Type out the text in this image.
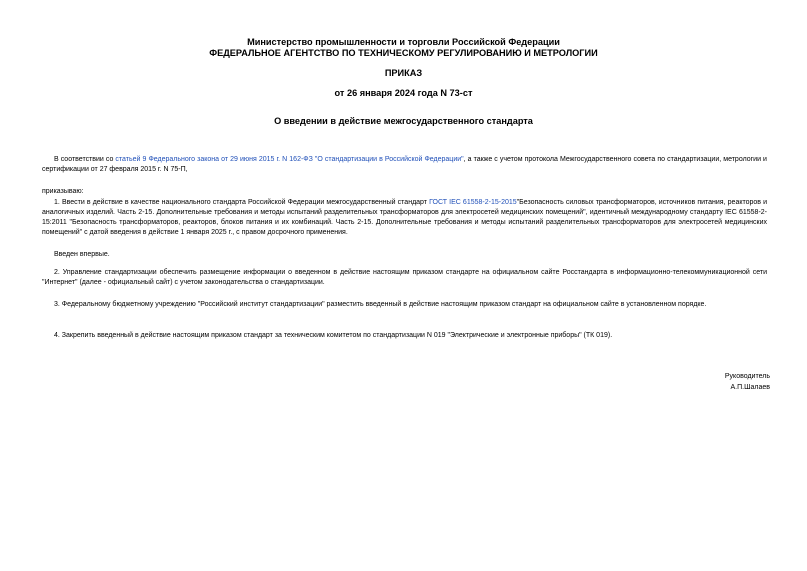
Министерство промышленности и торговли Российской Федерации
ФЕДЕРАЛЬНОЕ АГЕНТСТВО ПО ТЕХНИЧЕСКОМУ РЕГУЛИРОВАНИЮ И МЕТРОЛОГИИ
ПРИКАЗ
от 26 января 2024 года N 73-ст
О введении в действие межгосударственного стандарта
В соответствии со статьей 9 Федерального закона от 29 июня 2015 г. N 162-ФЗ "О стандартизации в Российской Федерации", а также с учетом протокола Межгосударственного совета по стандартизации, метрологии и сертификации от 27 февраля 2015 г. N 75-П,
приказываю:
1. Ввести в действие в качестве национального стандарта Российской Федерации межгосударственный стандарт ГОСТ IEC 61558-2-15-2015"Безопасность силовых трансформаторов, источников питания, реакторов и аналогичных изделий. Часть 2-15. Дополнительные требования и методы испытаний разделительных трансформаторов для электросетей медицинских помещений", идентичный международному стандарту IEC 61558-2-15:2011 "Безопасность трансформаторов, реакторов, блоков питания и их комбинаций. Часть 2-15. Дополнительные требования и методы испытаний разделительных трансформаторов для электросетей медицинских помещений" с датой введения в действие 1 января 2025 г., с правом досрочного применения.
Введен впервые.
2. Управление стандартизации обеспечить размещение информации о введенном в действие настоящим приказом стандарте на официальном сайте Росстандарта в информационно-телекоммуникационной сети "Интернет" (далее - официальный сайт) с учетом законодательства о стандартизации.
3. Федеральному бюджетному учреждению "Российский институт стандартизации" разместить введенный в действие настоящим приказом стандарт на официальном сайте в установленном порядке.
4. Закрепить введенный в действие настоящим приказом стандарт за техническим комитетом по стандартизации N 019 "Электрические и электронные приборы" (ТК 019).
Руководитель
А.П.Шалаев
